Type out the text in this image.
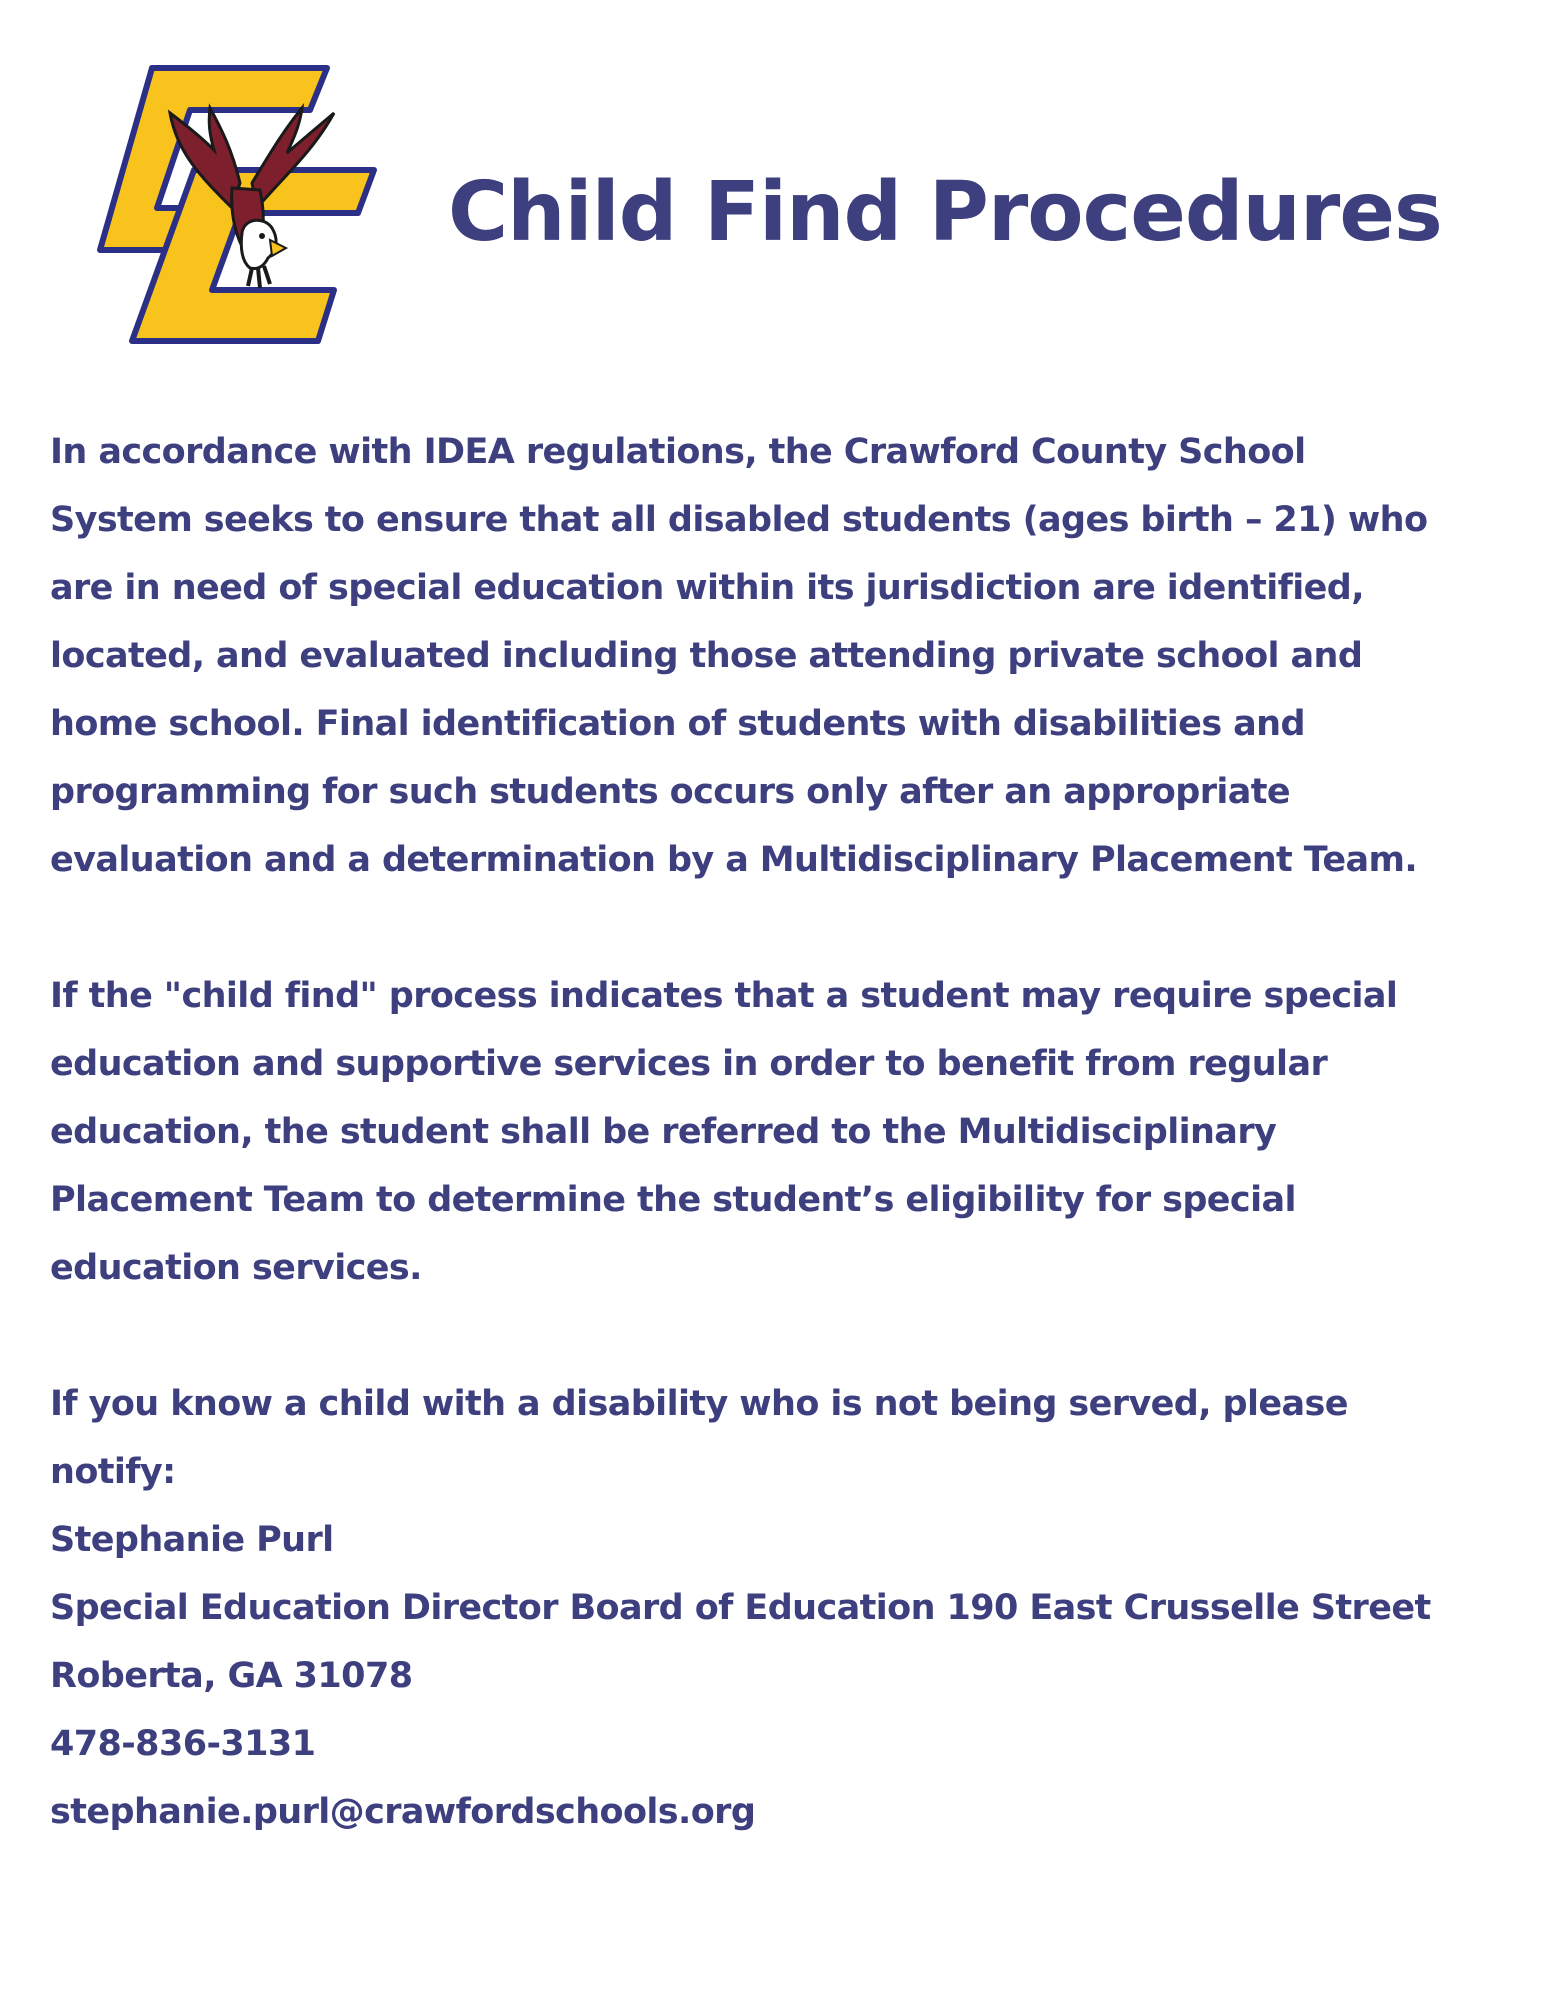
Child Find Procedures

In accordance with IDEA regulations, the Crawford County School

System seeks to ensure that all disabled students (ages birth – 21) who

are in need of special education within its jurisdiction are identified,

located, and evaluated including those attending private school and

home school. Final identification of students with disabilities and

programming for such students occurs only after an appropriate

evaluation and a determination by a Multidisciplinary Placement Team.

If the "child find" process indicates that a student may require special

education and supportive services in order to benefit from regular

education, the student shall be referred to the Multidisciplinary

Placement Team to determine the student’s eligibility for special

education services.

If you know a child with a disability who is not being served, please

notify:

Stephanie Purl

Special Education Director Board of Education 190 East Crusselle Street

Roberta, GA 31078

478-836-3131

stephanie.purl@crawfordschools.org
